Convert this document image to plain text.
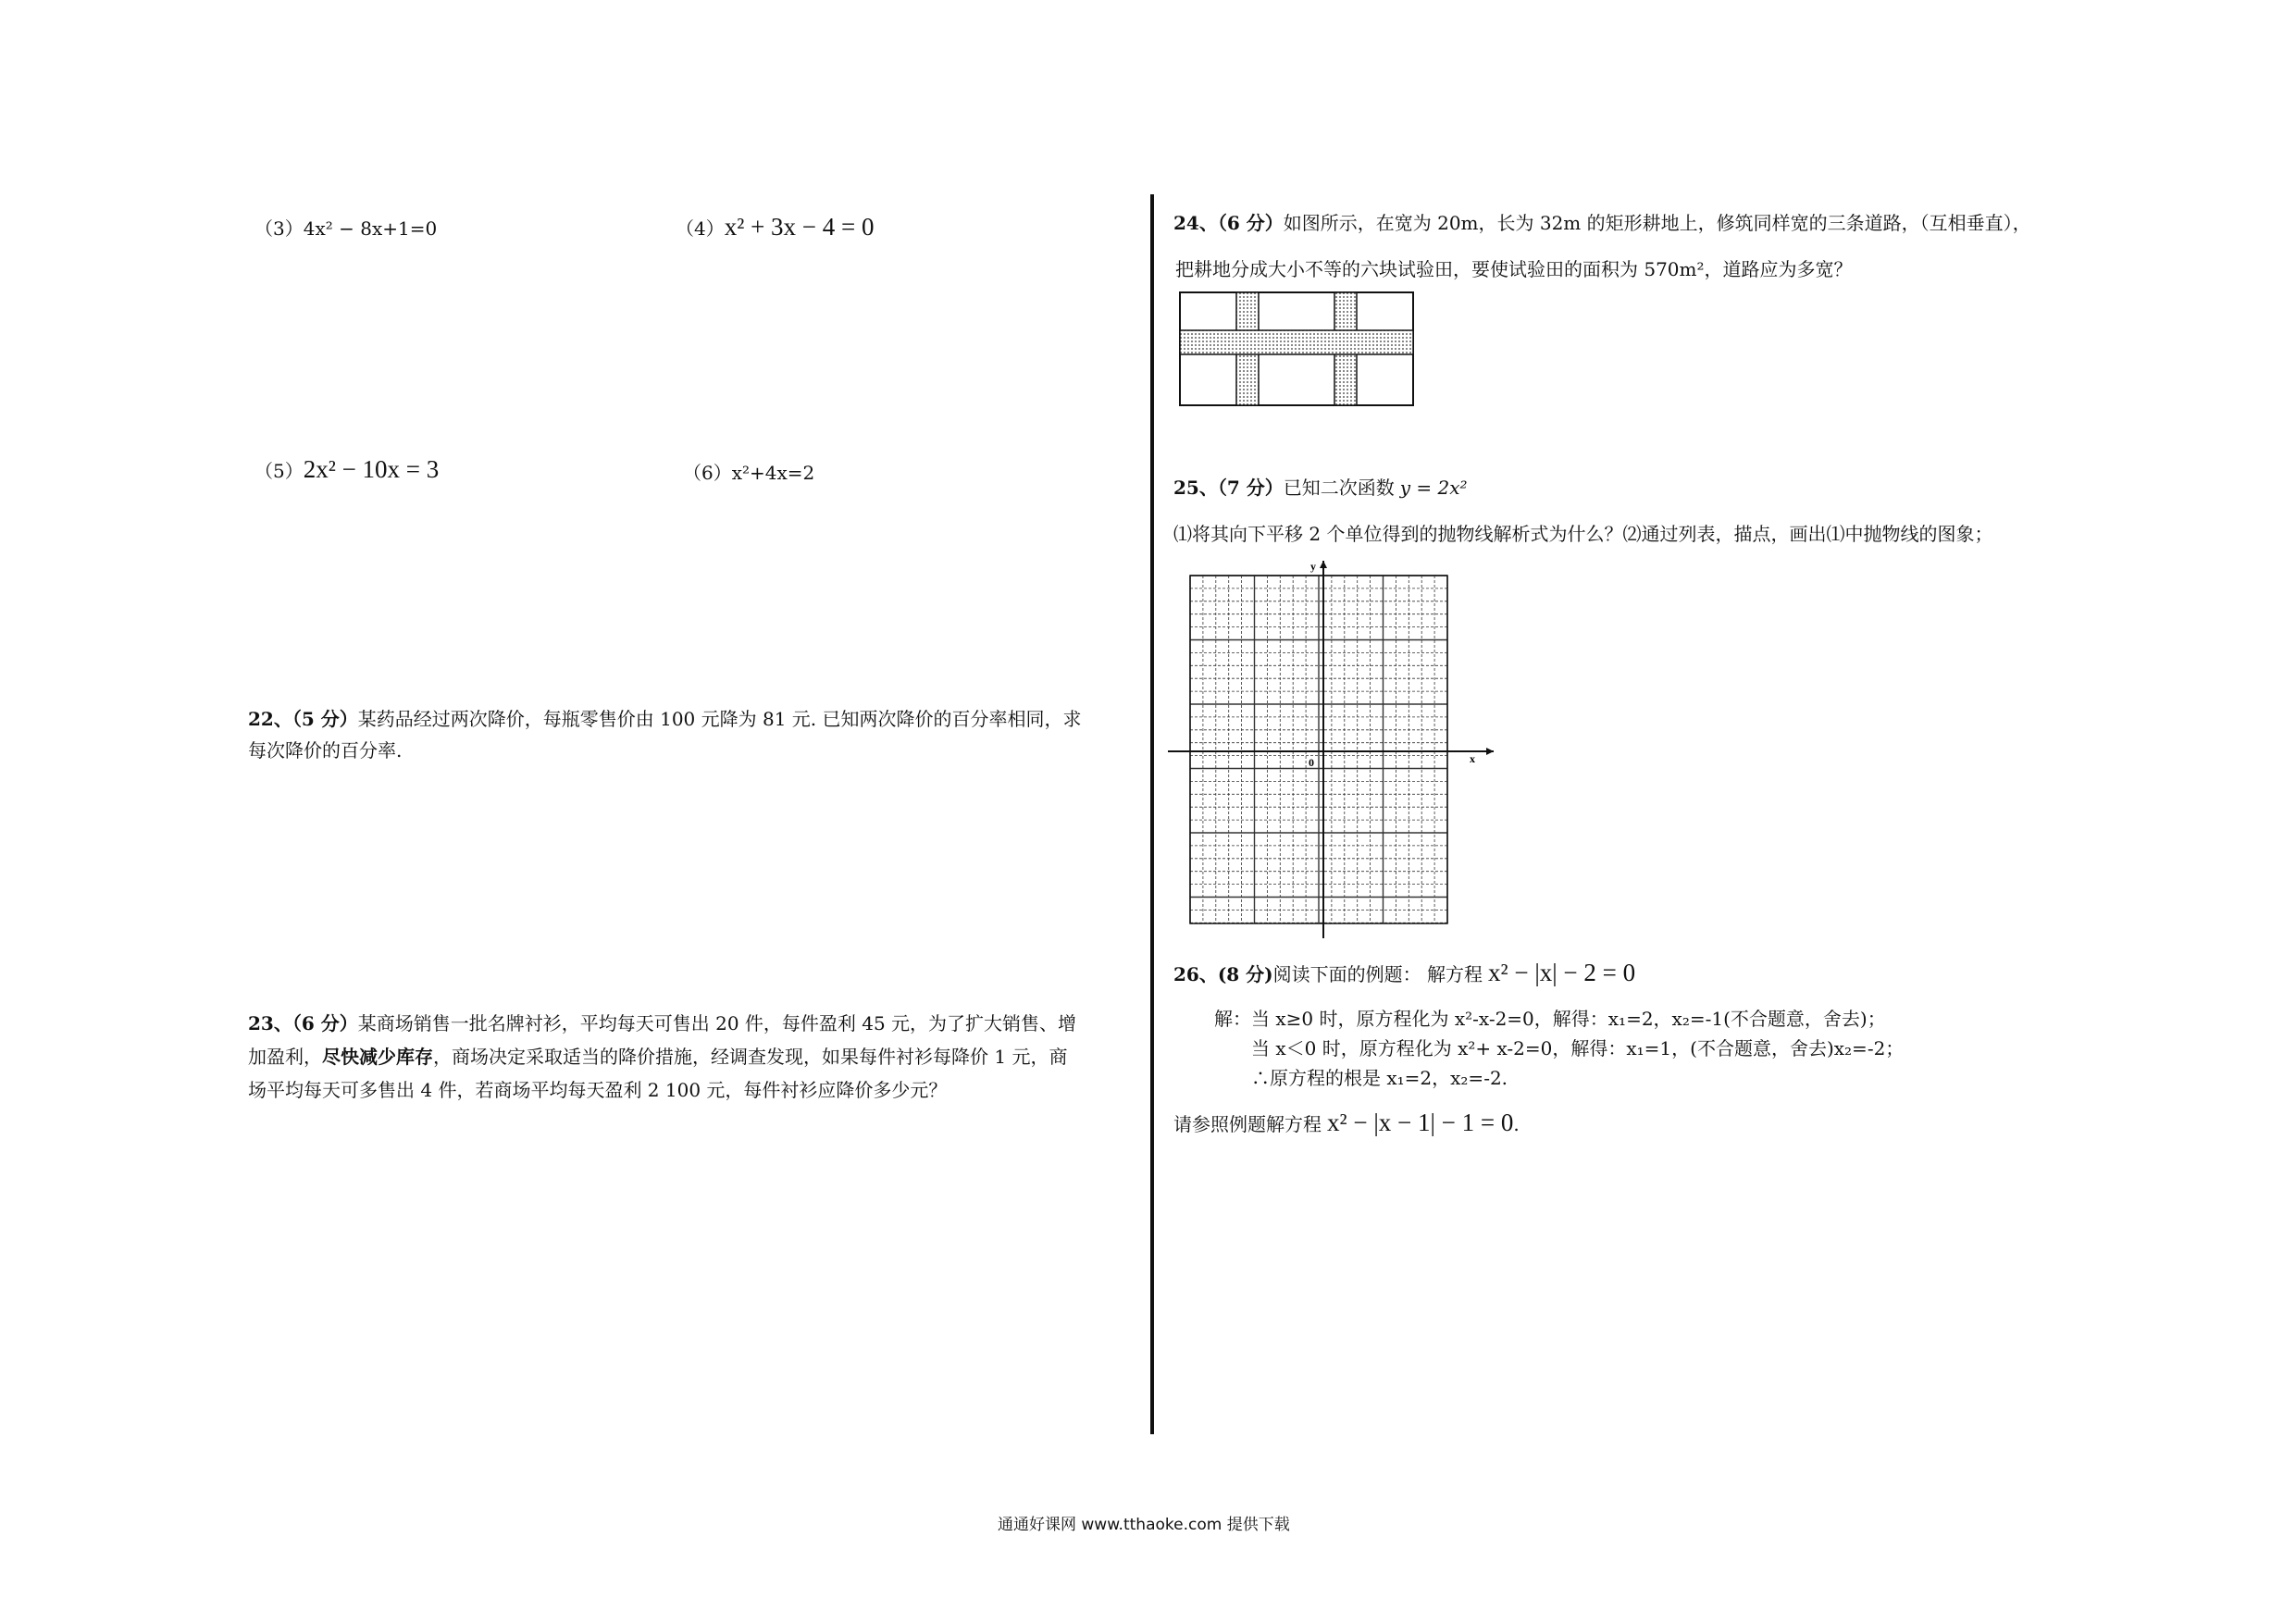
（3）4x² − 8x+1=0	（4）x² + 3x − 4 = 0
（5）2x² − 10x = 3	（6）x²+4x=2
22、（5 分）某药品经过两次降价，每瓶零售价由 100 元降为 81 元. 已知两次降价的百分率相同，求
每次降价的百分率.
23、（6 分）某商场销售一批名牌衬衫，平均每天可售出 20 件，每件盈利 45 元，为了扩大销售、增
加盈利，尽快减少库存，商场决定采取适当的降价措施，经调查发现，如果每件衬衫每降价 1 元，商
场平均每天可多售出 4 件，若商场平均每天盈利 2 100 元，每件衬衫应降价多少元？
24、（6 分）如图所示，在宽为 20m，长为 32m 的矩形耕地上，修筑同样宽的三条道路，（互相垂直），
把耕地分成大小不等的六块试验田，要使试验田的面积为 570m²，道路应为多宽？
25、（7 分）已知二次函数 y = 2x²
⑴将其向下平移 2 个单位得到的抛物线解析式为什么？⑵通过列表，描点，画出⑴中抛物线的图象；
y
x
0
26、(8 分)阅读下面的例题： 解方程 x² − |x| − 2 = 0
解：当 x≥0 时，原方程化为 x²-x-2=0，解得：x₁=2，x₂=-1(不合题意，舍去)；
当 x＜0 时，原方程化为 x²+ x-2=0，解得：x₁=1，(不合题意，舍去)x₂=-2；
∴原方程的根是 x₁=2，x₂=-2.
请参照例题解方程 x² − |x − 1| − 1 = 0.
通通好课网 www.tthaoke.com 提供下载
